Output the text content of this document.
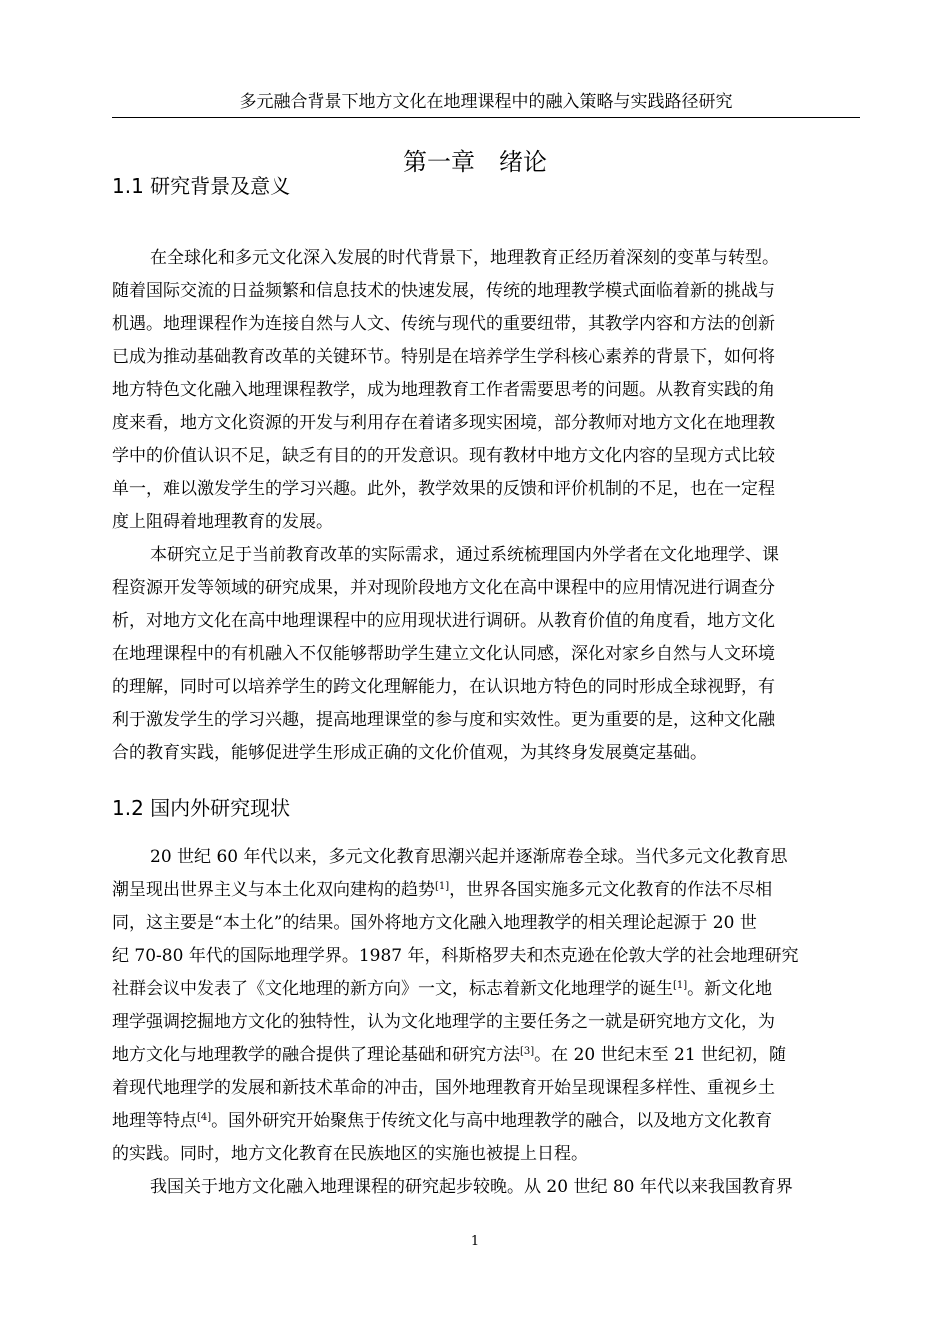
多元融合背景下地方文化在地理课程中的融入策略与实践路径研究
第一章　绪论
1.1 研究背景及意义

在全球化和多元文化深入发展的时代背景下，地理教育正经历着深刻的变革与转型。
随着国际交流的日益频繁和信息技术的快速发展，传统的地理教学模式面临着新的挑战与
机遇。地理课程作为连接自然与人文、传统与现代的重要纽带，其教学内容和方法的创新
已成为推动基础教育改革的关键环节。特别是在培养学生学科核心素养的背景下，如何将
地方特色文化融入地理课程教学，成为地理教育工作者需要思考的问题。从教育实践的角
度来看，地方文化资源的开发与利用存在着诸多现实困境，部分教师对地方文化在地理教
学中的价值认识不足，缺乏有目的的开发意识。现有教材中地方文化内容的呈现方式比较
单一，难以激发学生的学习兴趣。此外，教学效果的反馈和评价机制的不足，也在一定程
度上阻碍着地理教育的发展。

本研究立足于当前教育改革的实际需求，通过系统梳理国内外学者在文化地理学、课
程资源开发等领域的研究成果，并对现阶段地方文化在高中课程中的应用情况进行调查分
析，对地方文化在高中地理课程中的应用现状进行调研。从教育价值的角度看，地方文化
在地理课程中的有机融入不仅能够帮助学生建立文化认同感，深化对家乡自然与人文环境
的理解，同时可以培养学生的跨文化理解能力，在认识地方特色的同时形成全球视野，有
利于激发学生的学习兴趣，提高地理课堂的参与度和实效性。更为重要的是，这种文化融
合的教育实践，能够促进学生形成正确的文化价值观，为其终身发展奠定基础。

1.2 国内外研究现状

20 世纪 60 年代以来，多元文化教育思潮兴起并逐渐席卷全球。当代多元文化教育思
潮呈现出世界主义与本土化双向建构的趋势[1]，世界各国实施多元文化教育的作法不尽相
同，这主要是“本土化”的结果。国外将地方文化融入地理教学的相关理论起源于 20 世
纪 70-80 年代的国际地理学界。1987 年，科斯格罗夫和杰克逊在伦敦大学的社会地理研究
社群会议中发表了《文化地理的新方向》一文，标志着新文化地理学的诞生[1]。新文化地
理学强调挖掘地方文化的独特性，认为文化地理学的主要任务之一就是研究地方文化，为
地方文化与地理教学的融合提供了理论基础和研究方法[3]。在 20 世纪末至 21 世纪初，随
着现代地理学的发展和新技术革命的冲击，国外地理教育开始呈现课程多样性、重视乡土
地理等特点[4]。国外研究开始聚焦于传统文化与高中地理教学的融合，以及地方文化教育
的实践。同时，地方文化教育在民族地区的实施也被提上日程。

我国关于地方文化融入地理课程的研究起步较晚。从 20 世纪 80 年代以来我国教育界

1
